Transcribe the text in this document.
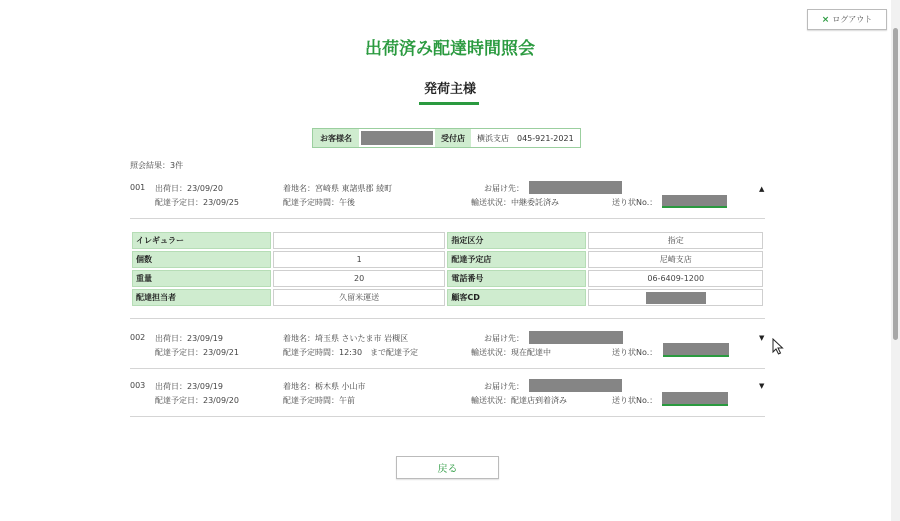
× ログアウト
出荷済み配達時間照会
発荷主様
お客様名	受付店	横浜支店　045-921-2021
照会結果：3件
001 出荷日：23/09/20
配達予定日：23/09/25
着地名：宮崎県 東諸県郡 綾町
配達予定時間：午後
お届け先：
輸送状況：中継委託済み	送り状No.：
▲
イレギュラー		指定区分	指定
個数	1	配達予定店	尼崎支店
重量	20	電話番号	06-6409-1200
配達担当者	久留米運送	顧客CD	
002 出荷日：23/09/19
配達予定日：23/09/21
着地名：埼玉県 さいたま市 岩槻区
配達予定時間：12:30　まで配達予定
お届け先：
輸送状況：現在配達中	送り状No.：
▼
003 出荷日：23/09/19
配達予定日：23/09/20
着地名：栃木県 小山市
配達予定時間：午前
お届け先：
輸送状況：配達店到着済み	送り状No.：
▼
戻る
